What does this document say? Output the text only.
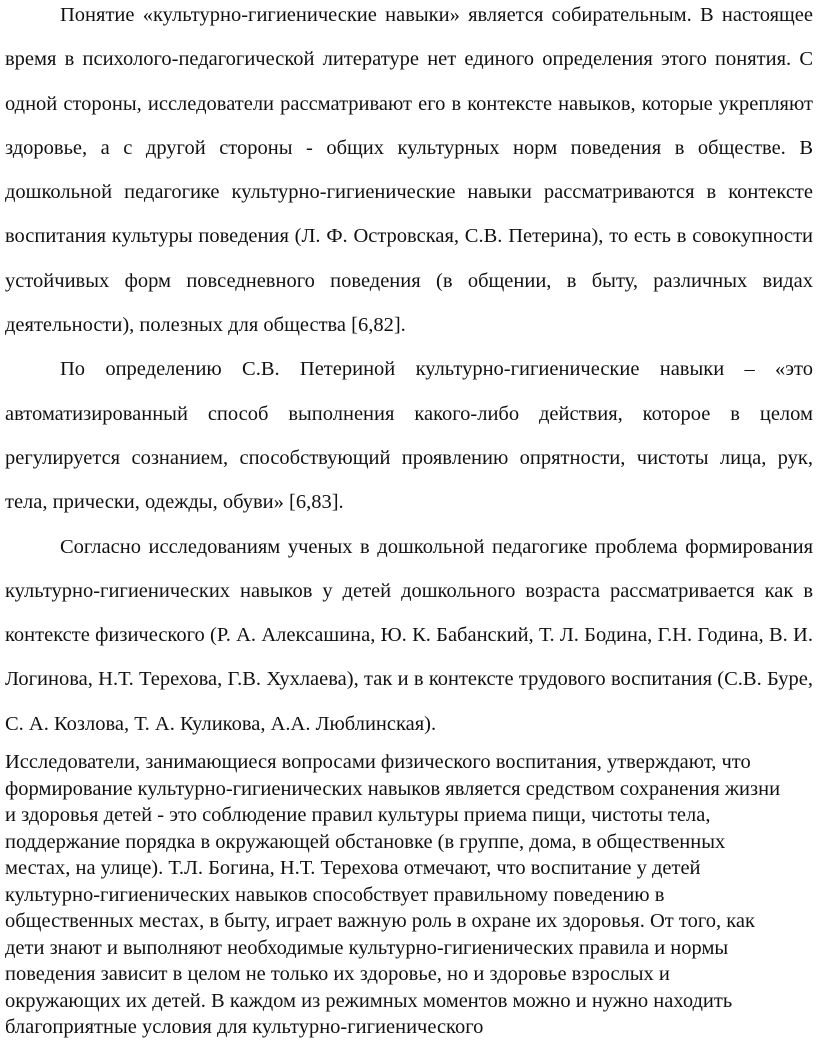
Понятие «культурно-гигиенические навыки» является собирательным. В настоящее время в психолого-педагогической литературе нет единого определения этого понятия. С одной стороны, исследователи рассматривают его в контексте навыков, которые укрепляют здоровье, а с другой стороны - общих культурных норм поведения в обществе. В дошкольной педагогике культурно-гигиенические навыки рассматриваются в контексте воспитания культуры поведения (Л. Ф. Островская, С.В. Петерина), то есть в совокупности устойчивых форм повседневного поведения (в общении, в быту, различных видах деятельности), полезных для общества [6,82].

По определению С.В. Петериной культурно-гигиенические навыки – «это автоматизированный способ выполнения какого-либо действия, которое в целом регулируется сознанием, способствующий проявлению опрятности, чистоты лица, рук, тела, прически, одежды, обуви» [6,83].

Согласно исследованиям ученых в дошкольной педагогике проблема формирования культурно-гигиенических навыков у детей дошкольного возраста рассматривается как в контексте физического (Р. А. Алексашина, Ю. К. Бабанский, Т. Л. Бодина, Г.Н. Година, В. И. Логинова, Н.Т. Терехова, Г.В. Хухлаева), так и в контексте трудового воспитания (С.В. Буре, С. А. Козлова, Т. А. Куликова, А.А. Люблинская).

Исследователи, занимающиеся вопросами физического воспитания, утверждают, что формирование культурно-гигиенических навыков является средством сохранения жизни и здоровья детей - это соблюдение правил культуры приема пищи, чистоты тела, поддержание порядка в окружающей обстановке (в группе, дома, в общественных местах, на улице). Т.Л. Богина, Н.Т. Терехова отмечают, что воспитание у детей культурно-гигиенических навыков способствует правильному поведению в общественных местах, в быту, играет важную роль в охране их здоровья. От того, как дети знают и выполняют необходимые культурно-гигиенических правила и нормы поведения зависит в целом не только их здоровье, но и здоровье взрослых и окружающих их детей. В каждом из режимных моментов можно и нужно находить благоприятные условия для культурно-гигиенического
